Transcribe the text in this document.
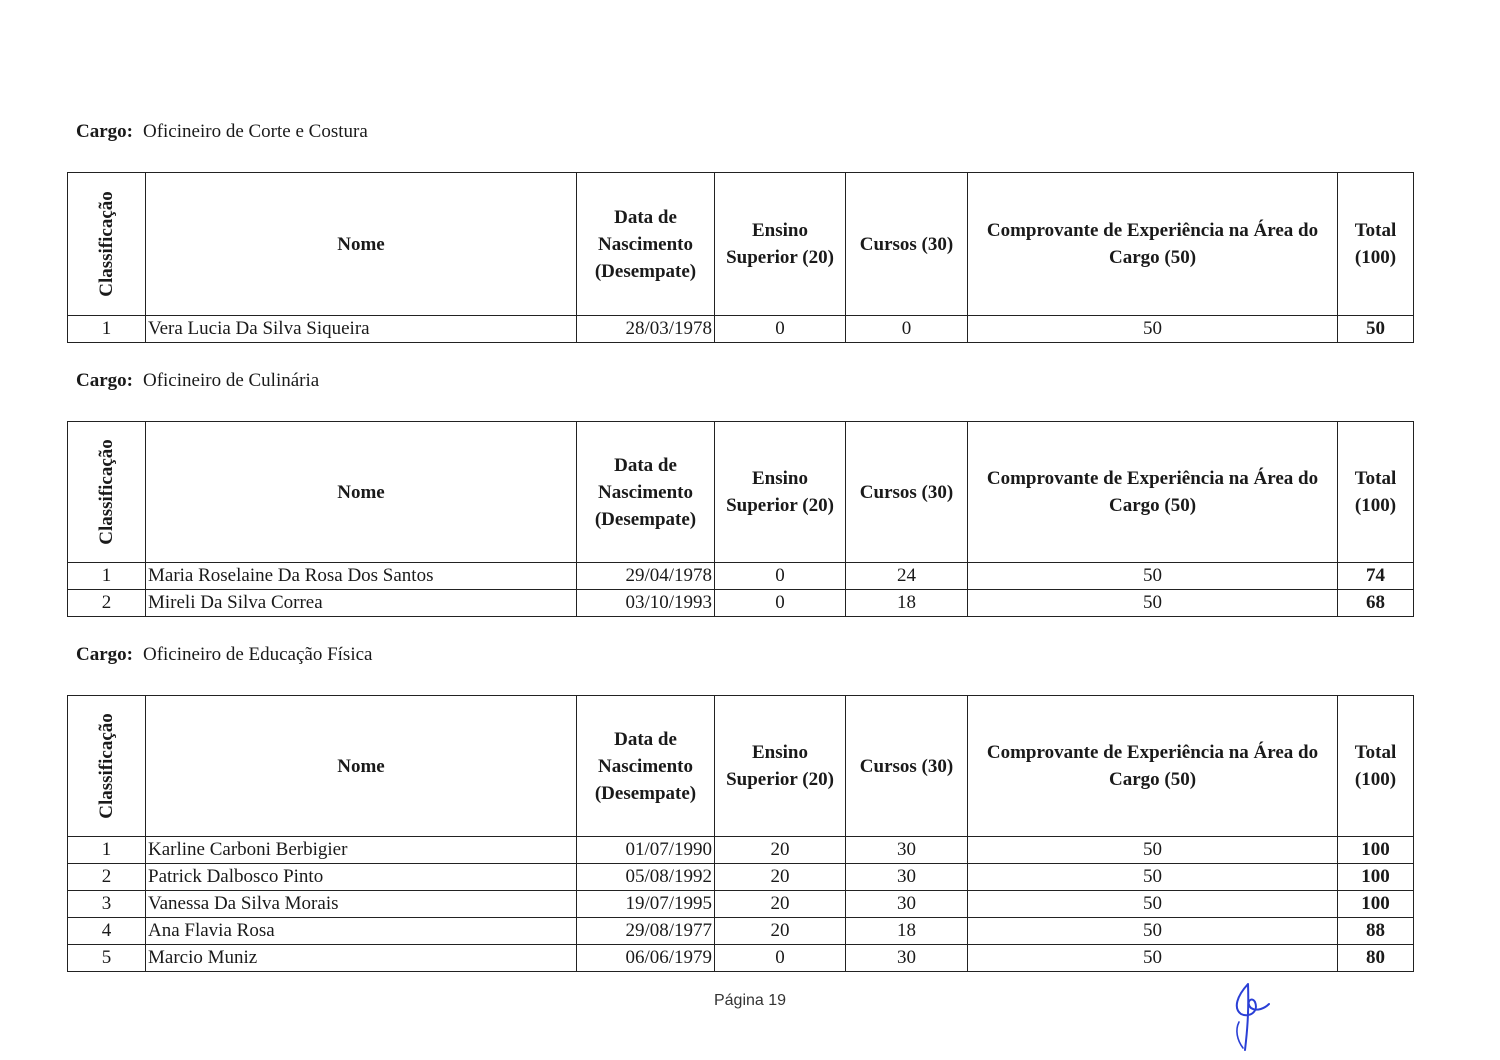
Cargo: Oficineiro de Corte e Costura
Classificação	Nome	Data de Nascimento (Desempate)	Ensino Superior (20)	Cursos (30)	Comprovante de Experiência na Área do Cargo (50)	Total (100)
1	Vera Lucia Da Silva Siqueira	28/03/1978	0	0	50	50
Cargo: Oficineiro de Culinária
Classificação	Nome	Data de Nascimento (Desempate)	Ensino Superior (20)	Cursos (30)	Comprovante de Experiência na Área do Cargo (50)	Total (100)
1	Maria Roselaine Da Rosa Dos Santos	29/04/1978	0	24	50	74
2	Mireli Da Silva Correa	03/10/1993	0	18	50	68
Cargo: Oficineiro de Educação Física
Classificação	Nome	Data de Nascimento (Desempate)	Ensino Superior (20)	Cursos (30)	Comprovante de Experiência na Área do Cargo (50)	Total (100)
1	Karline Carboni Berbigier	01/07/1990	20	30	50	100
2	Patrick Dalbosco Pinto	05/08/1992	20	30	50	100
3	Vanessa Da Silva Morais	19/07/1995	20	30	50	100
4	Ana Flavia Rosa	29/08/1977	20	18	50	88
5	Marcio Muniz	06/06/1979	0	30	50	80
Página 19
